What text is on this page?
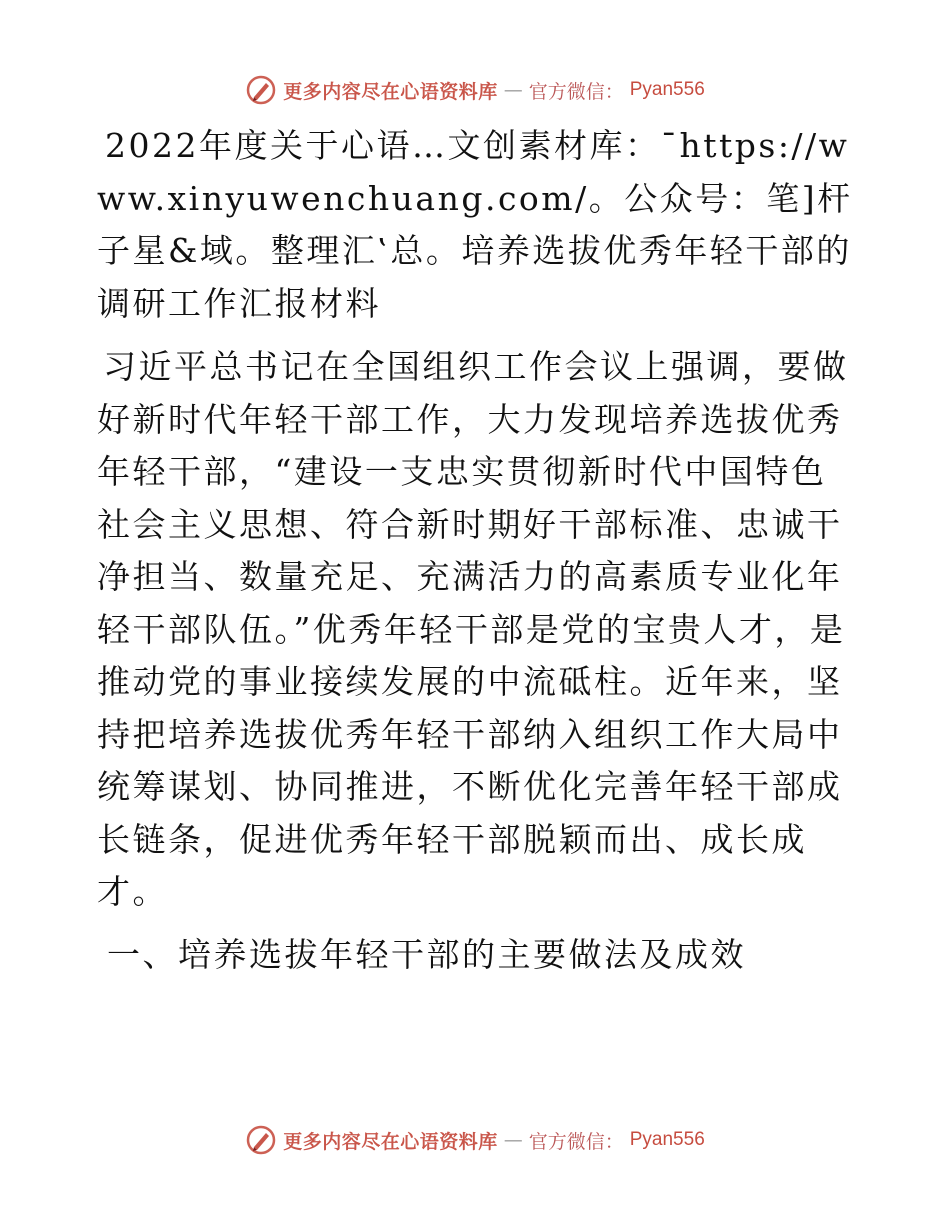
更多内容尽在心语资料库 — 官方微信： Pyan556

2022年度关于心语…文创素材库：¯https://www.xinyuwenchuang.com/。公众号：笔]杆子星&域。整理汇‛总。培养选拔优秀年轻干部的 调研工作汇报材料

习近平总书记在全国组织工作会议上强调，要做好新时代年轻干部工作，大力发现培养选拔优秀年轻干部，“建设一支忠实贯彻新时代中国特色社会主义思想、符合新时期好干部标准、忠诚干净担当、数量充足、充满活力的高素质专业化年轻干部队伍。”优秀年轻干部是党的宝贵人才，是推动党的事业接续发展的中流砥柱。近年来，坚持把培养选拔优秀年轻干部纳入组织工作大局中统筹谋划、协同推进，不断优化完善年轻干部成长链条，促进优秀年轻干部脱颖而出、成长成才。

一、培养选拔年轻干部的主要做法及成效

更多内容尽在心语资料库 — 官方微信： Pyan556
